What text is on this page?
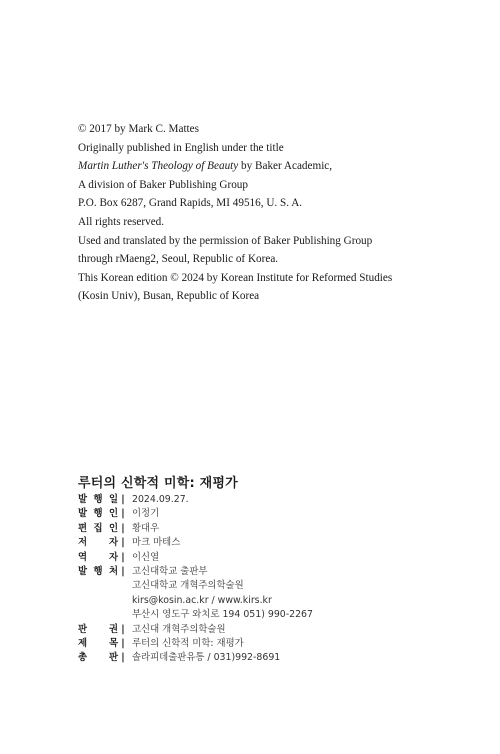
© 2017 by Mark C. Mattes
Originally published in English under the title
Martin Luther's Theology of Beauty by Baker Academic,
A division of Baker Publishing Group
P.O. Box 6287, Grand Rapids, MI 49516, U. S. A.
All rights reserved.
Used and translated by the permission of Baker Publishing Group
through rMaeng2, Seoul, Republic of Korea.
This Korean edition © 2024 by Korean Institute for Reformed Studies
(Kosin Univ), Busan, Republic of Korea
루터의 신학적 미학: 재평가
발 행 일 | 2024.09.27.
발 행 인 | 이정기
편 집 인 | 황대우
저 자 | 마크 마테스
역 자 | 이신열
발 행 처 | 고신대학교 출판부
고신대학교 개혁주의학술원
kirs@kosin.ac.kr / www.kirs.kr
부산시 영도구 와치로 194 051) 990-2267
판 권 | 고신대 개혁주의학술원
제 목 | 루터의 신학적 미학: 재평가
총 판 | 솔라피데출판유통 / 031)992-8691
